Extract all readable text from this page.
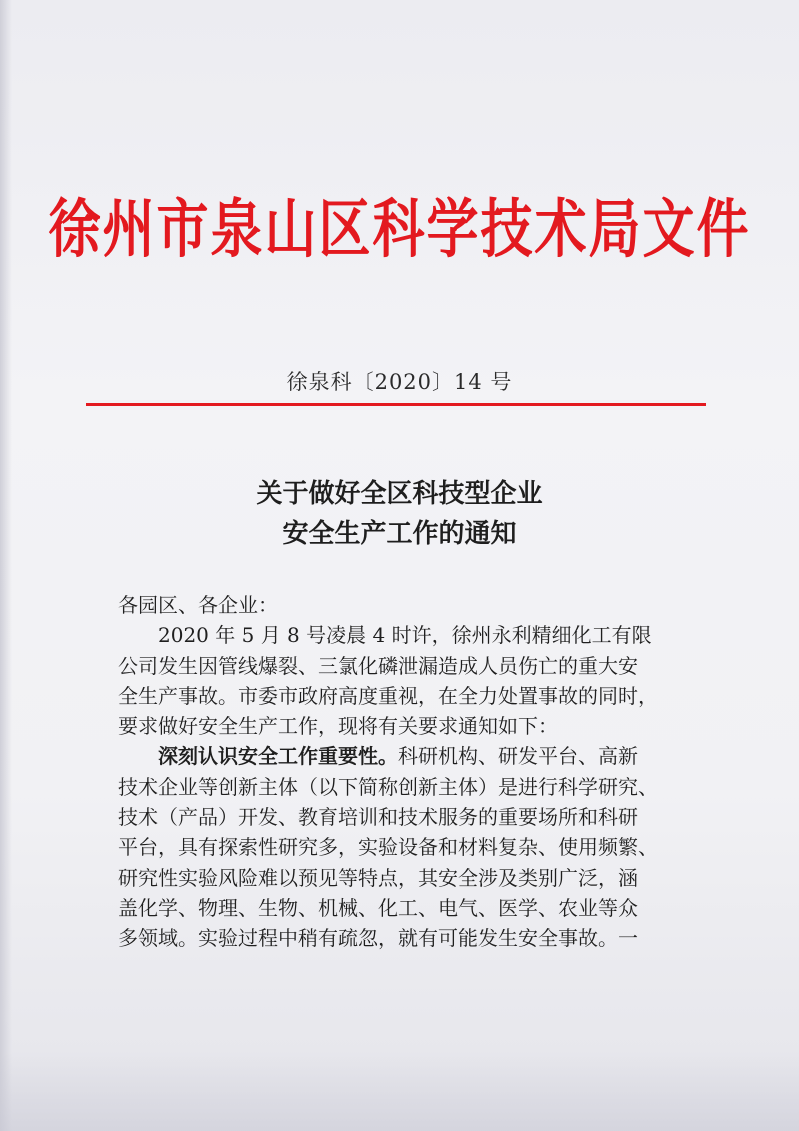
徐州市泉山区科学技术局文件
徐泉科〔2020〕14 号
关于做好全区科技型企业
安全生产工作的通知
各园区、各企业：
2020 年 5 月 8 号凌晨 4 时许，徐州永利精细化工有限
公司发生因管线爆裂、三氯化磷泄漏造成人员伤亡的重大安
全生产事故。市委市政府高度重视，在全力处置事故的同时，
要求做好安全生产工作，现将有关要求通知如下：
深刻认识安全工作重要性。科研机构、研发平台、高新
技术企业等创新主体（以下简称创新主体）是进行科学研究、
技术（产品）开发、教育培训和技术服务的重要场所和科研
平台，具有探索性研究多，实验设备和材料复杂、使用频繁、
研究性实验风险难以预见等特点，其安全涉及类别广泛，涵
盖化学、物理、生物、机械、化工、电气、医学、农业等众
多领域。实验过程中稍有疏忽，就有可能发生安全事故。一
